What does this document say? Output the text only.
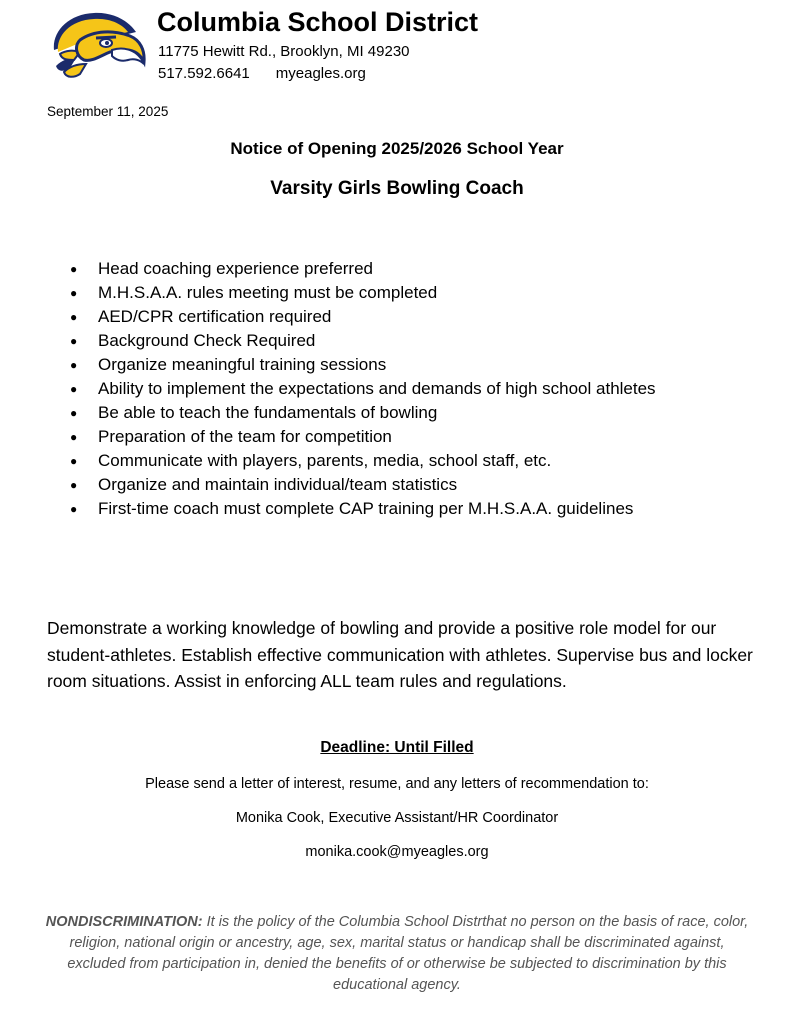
Columbia School District
11775 Hewitt Rd., Brooklyn, MI 49230
517.592.6641 myeagles.org
September 11, 2025
Notice of Opening 2025/2026 School Year
Varsity Girls Bowling Coach
● Head coaching experience preferred
● M.H.S.A.A. rules meeting must be completed
● AED/CPR certification required
● Background Check Required
● Organize meaningful training sessions
● Ability to implement the expectations and demands of high school athletes
● Be able to teach the fundamentals of bowling
● Preparation of the team for competition
● Communicate with players, parents, media, school staff, etc.
● Organize and maintain individual/team statistics
● First-time coach must complete CAP training per M.H.S.A.A. guidelines
Demonstrate a working knowledge of bowling and provide a positive role model for our student-athletes. Establish effective communication with athletes. Supervise bus and locker room situations. Assist in enforcing ALL team rules and regulations.
Deadline: Until Filled
Please send a letter of interest, resume, and any letters of recommendation to:
Monika Cook, Executive Assistant/HR Coordinator
monika.cook@myeagles.org
NONDISCRIMINATION: It is the policy of the Columbia School Distrthat no person on the basis of race, color, religion, national origin or ancestry, age, sex, marital status or handicap shall be discriminated against, excluded from participation in, denied the benefits of or otherwise be subjected to discrimination by this educational agency.
